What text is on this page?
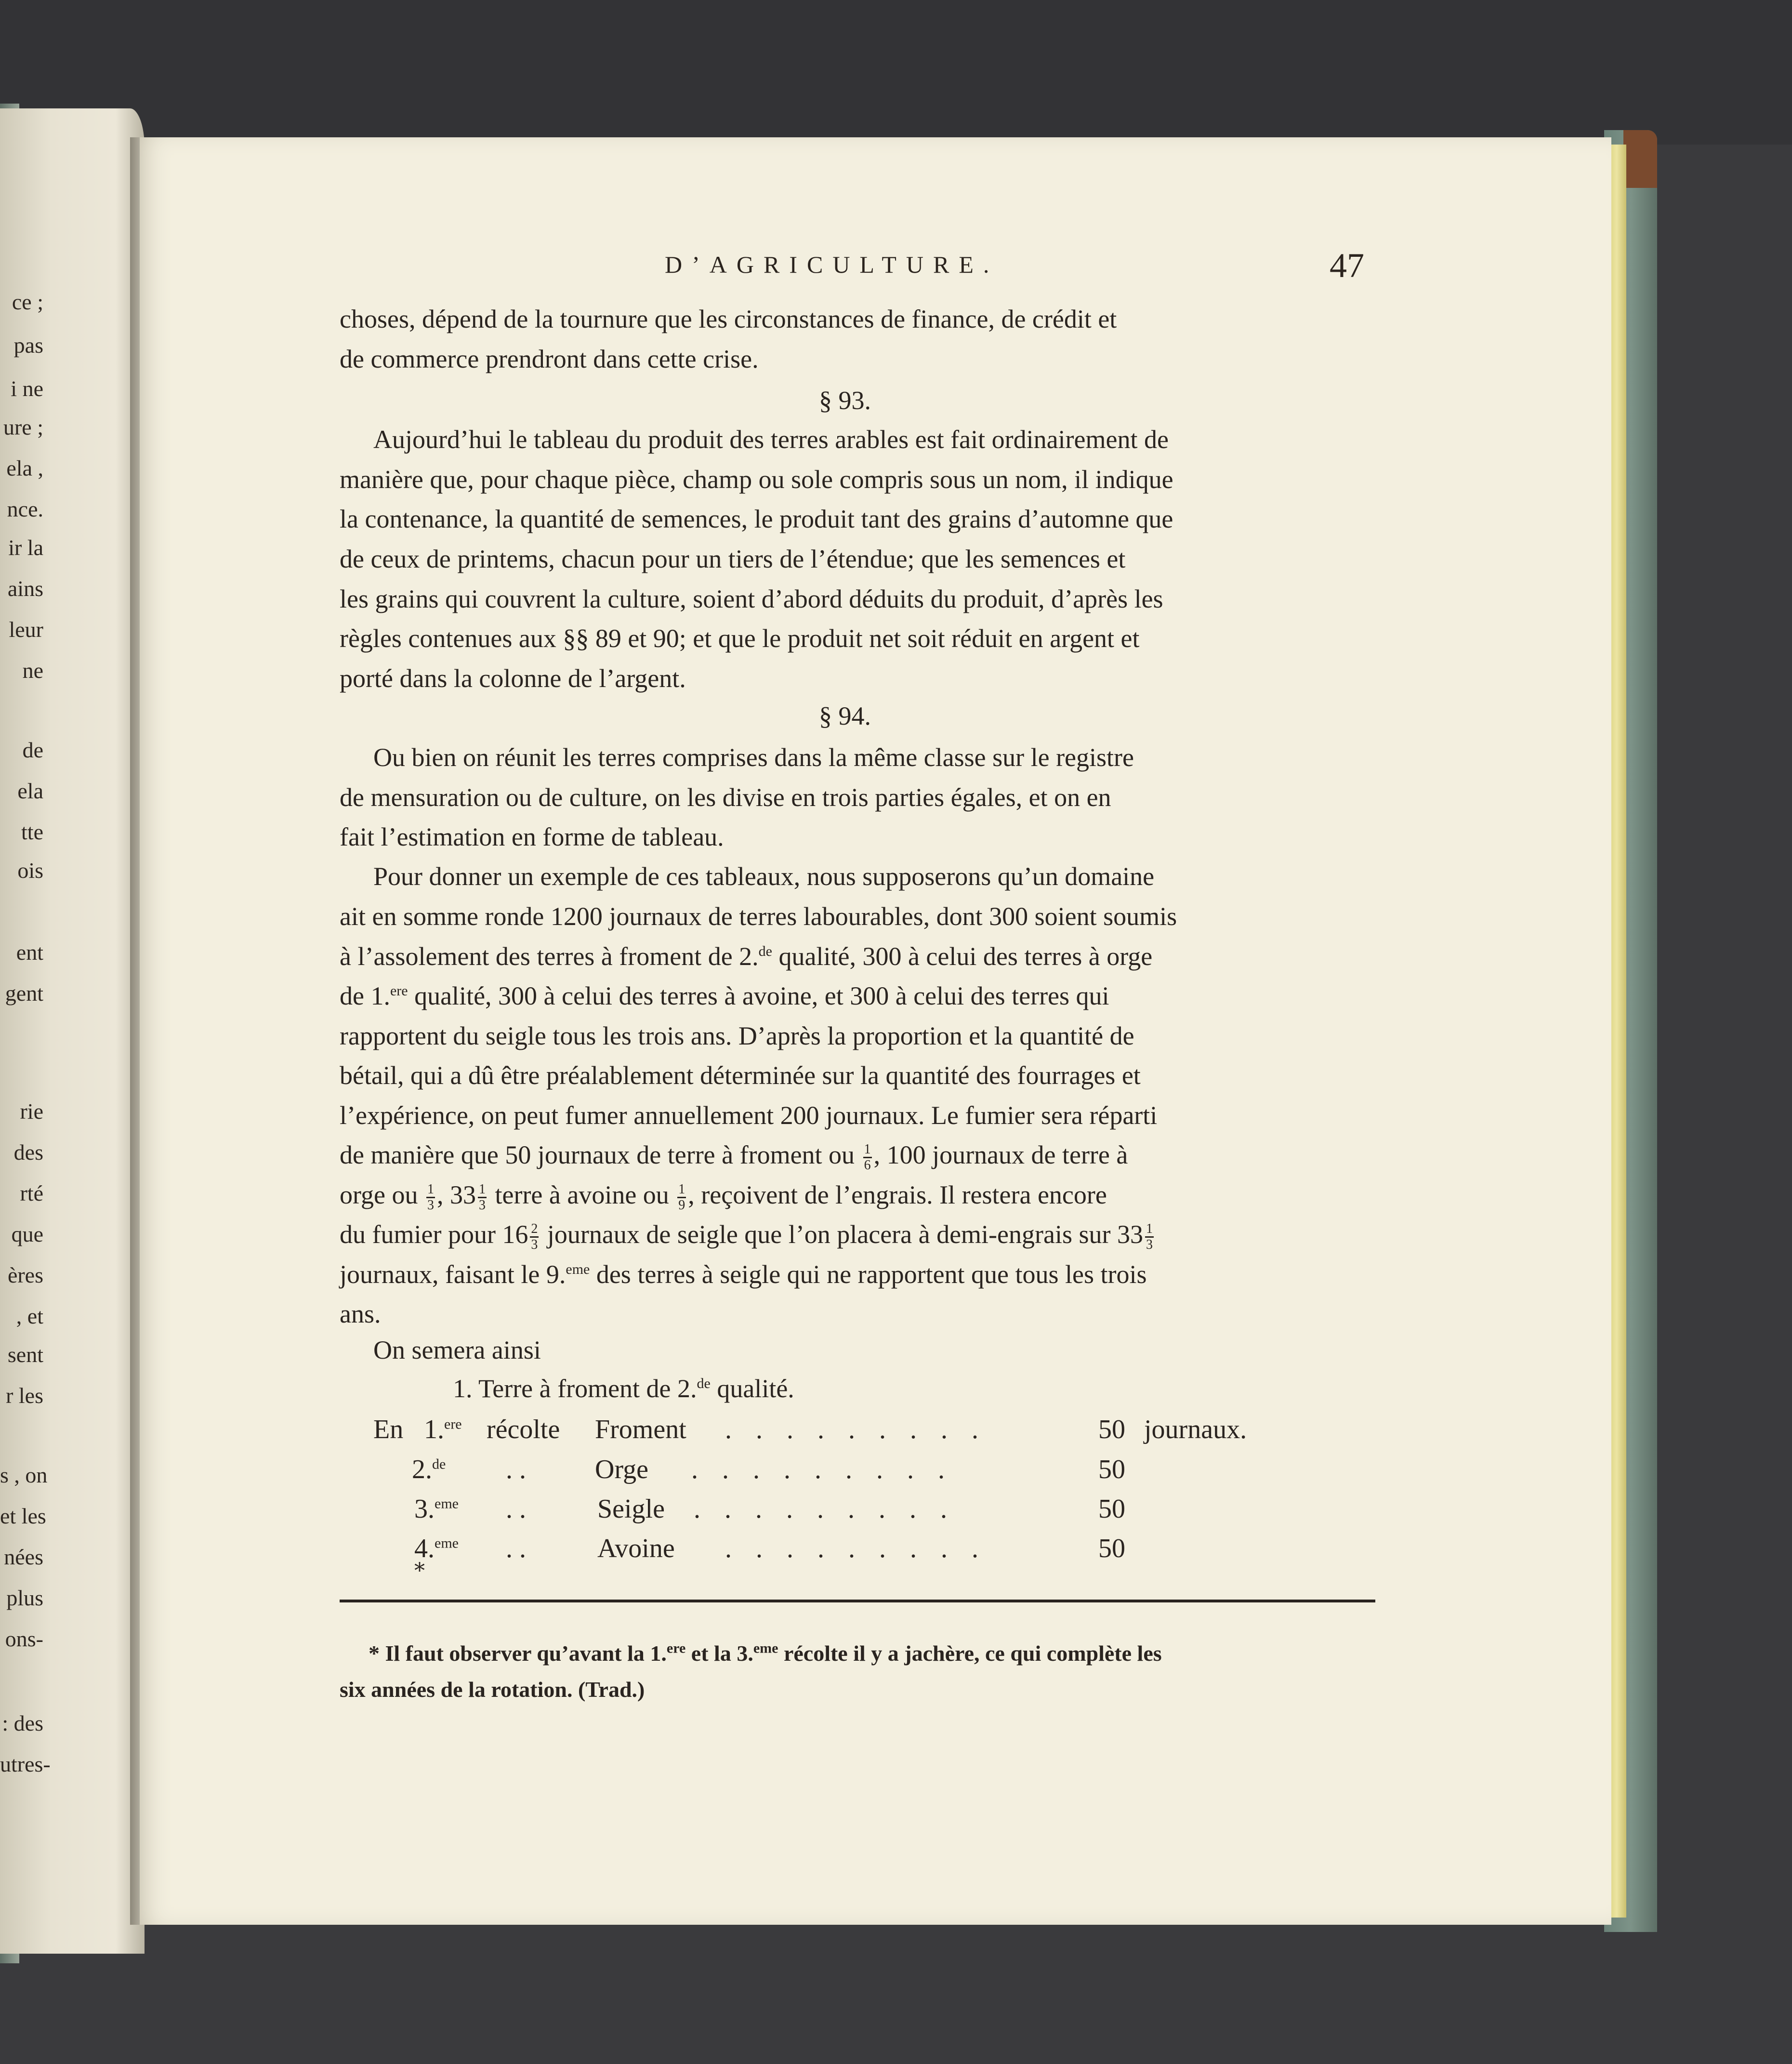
ce ;
pas
i ne
ure ;
ela ,
nce.
ir la
ains
leur
ne
de
ela
tte
ois
ent
gent
rie
des
rté
que
ères
, et
sent
r les
s , on
et les
nées
plus
ons-
: des
utres-
D’AGRICULTURE.	47
choses, dépend de la tournure que les circonstances de finance, de crédit et
de commerce prendront dans cette crise.
§ 93.
Aujourd’hui le tableau du produit des terres arables est fait ordinairement de
manière que, pour chaque pièce, champ ou sole compris sous un nom, il indique
la contenance, la quantité de semences, le produit tant des grains d’automne que
de ceux de printems, chacun pour un tiers de l’étendue; que les semences et
les grains qui couvrent la culture, soient d’abord déduits du produit, d’après les
règles contenues aux §§ 89 et 90; et que le produit net soit réduit en argent et
porté dans la colonne de l’argent.
§ 94.
Ou bien on réunit les terres comprises dans la même classe sur le registre
de mensuration ou de culture, on les divise en trois parties égales, et on en
fait l’estimation en forme de tableau.
Pour donner un exemple de ces tableaux, nous supposerons qu’un domaine
ait en somme ronde 1200 journaux de terres labourables, dont 300 soient soumis
à l’assolement des terres à froment de 2.$^{de}$ qualité, 300 à celui des terres à orge
de 1.$^{ere}$ qualité, 300 à celui des terres à avoine, et 300 à celui des terres qui
rapportent du seigle tous les trois ans. D’après la proportion et la quantité de
bétail, qui a dû être préalablement déterminée sur la quantité des fourrages et
l’expérience, on peut fumer annuellement 200 journaux. Le fumier sera réparti
de manière que 50 journaux de terre à froment ou $\frac{1}{6}$ , 100 journaux de terre à
orge ou $\frac{1}{3}$ , $33 \frac{1}{3}$ terre à avoine ou $\frac{1}{9}$ , reçoivent de l’engrais. Il restera encore
du fumier pour $16 \frac{2}{3}$ journaux de seigle que l’on placera à demi-engrais sur $33 \frac{1}{3}$
journaux, faisant le 9.$^{eme}$ des terres à seigle qui ne rapportent que tous les trois
ans.
On semera ainsi
1. Terre à froment de 2.$^{de}$ qualité.
En 1.$^{ere}$ récolte Froment . . . . . . . . .	50 journaux.
2.$^{de}$ . .	Orge . . . . . . . . .	50
3.$^{eme}$ . .	Seigle . . . . . . . . .	50
4.$^{eme}$ . .	Avoine . . . . . . . . .	50
*
* Il faut observer qu’avant la 1.$^{ere}$ et la 3.$^{eme}$ récolte il y a jachère, ce qui complète les
six années de la rotation. (Trad.)
